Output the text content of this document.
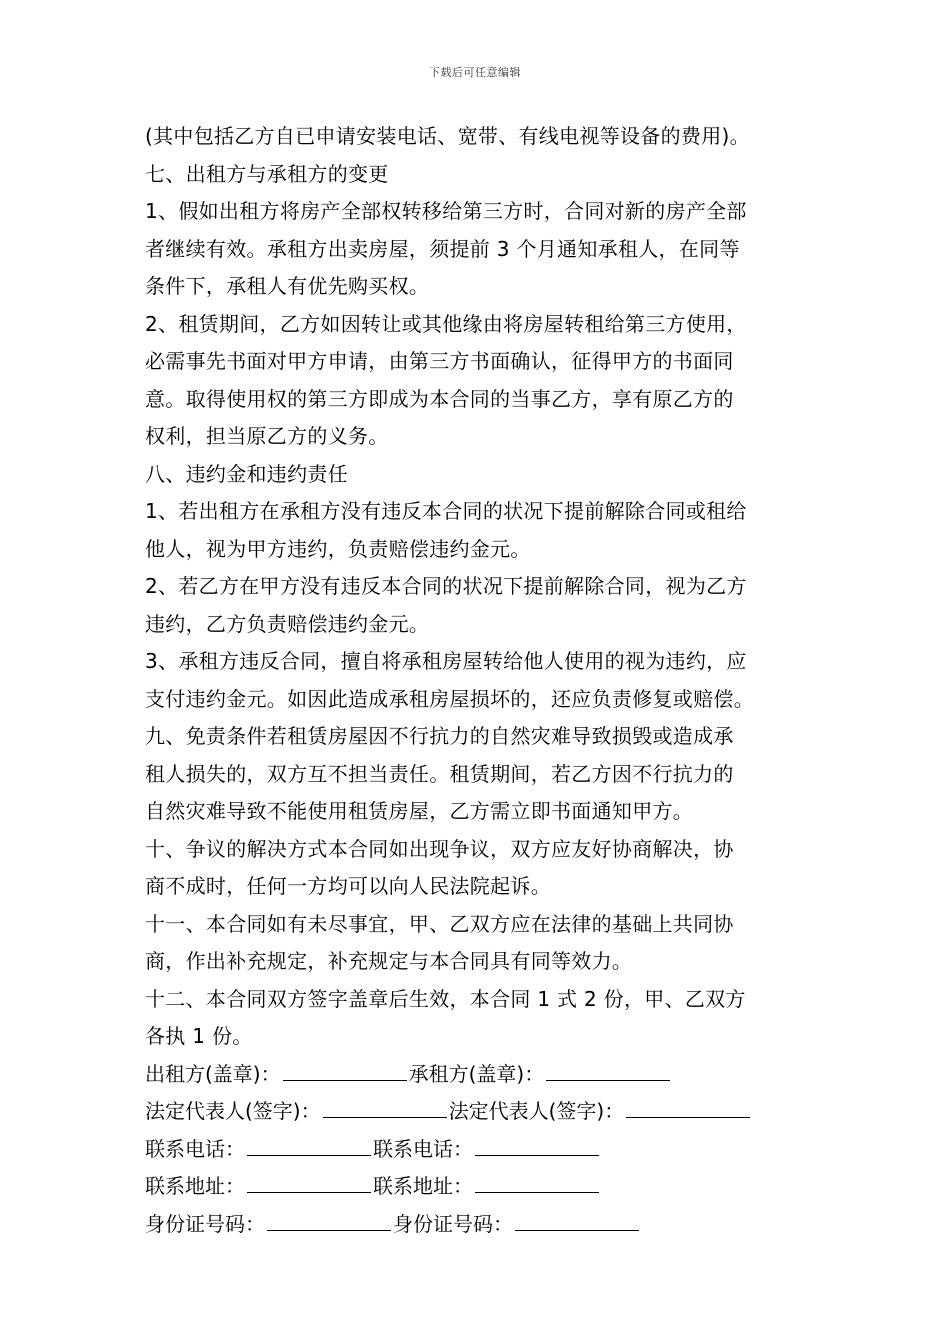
下载后可任意编辑
(其中包括乙方自已申请安装电话、宽带、有线电视等设备的费用)。
七、出租方与承租方的变更
1、假如出租方将房产全部权转移给第三方时，合同对新的房产全部
者继续有效。承租方出卖房屋，须提前 3 个月通知承租人，在同等
条件下，承租人有优先购买权。
2、租赁期间，乙方如因转让或其他缘由将房屋转租给第三方使用，
必需事先书面对甲方申请，由第三方书面确认，征得甲方的书面同
意。取得使用权的第三方即成为本合同的当事乙方，享有原乙方的
权利，担当原乙方的义务。
八、违约金和违约责任
1、若出租方在承租方没有违反本合同的状况下提前解除合同或租给
他人，视为甲方违约，负责赔偿违约金元。
2、若乙方在甲方没有违反本合同的状况下提前解除合同，视为乙方
违约，乙方负责赔偿违约金元。
3、承租方违反合同，擅自将承租房屋转给他人使用的视为违约，应
支付违约金元。如因此造成承租房屋损坏的，还应负责修复或赔偿。
九、免责条件若租赁房屋因不行抗力的自然灾难导致损毁或造成承
租人损失的，双方互不担当责任。租赁期间，若乙方因不行抗力的
自然灾难导致不能使用租赁房屋，乙方需立即书面通知甲方。
十、争议的解决方式本合同如出现争议，双方应友好协商解决，协
商不成时，任何一方均可以向人民法院起诉。
十一、本合同如有未尽事宜，甲、乙双方应在法律的基础上共同协
商，作出补充规定，补充规定与本合同具有同等效力。
十二、本合同双方签字盖章后生效，本合同 1 式 2 份，甲、乙双方
各执 1 份。
出租方(盖章)：	承租方(盖章)：
法定代表人(签字)：	法定代表人(签字)：
联系电话：	联系电话：
联系地址：	联系地址：
身份证号码：	身份证号码：
